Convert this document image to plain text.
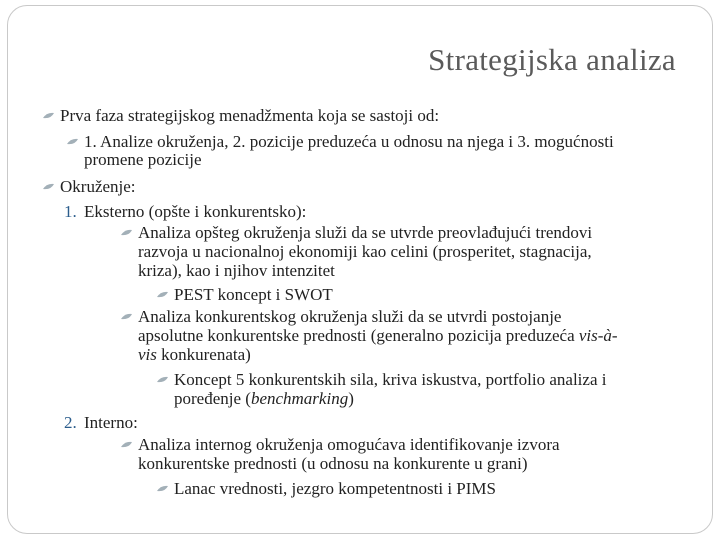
Strategijska analiza
Prva faza strategijskog menadžmenta koja se sastoji od:
1. Analize okruženja, 2. pozicije preduzeća u odnosu na njega i 3. mogućnosti
promene pozicije
Okruženje:
1. Eksterno (opšte i konkurentsko):
Analiza opšteg okruženja služi da se utvrde preovlađujući trendovi
razvoja u nacionalnoj ekonomiji kao celini (prosperitet, stagnacija,
kriza), kao i njihov intenzitet
PEST koncept i SWOT
Analiza konkurentskog okruženja služi da se utvrdi postojanje
apsolutne konkurentske prednosti (generalno pozicija preduzeća vis-à-
vis konkurenata)
Koncept 5 konkurentskih sila, kriva iskustva, portfolio analiza i
poređenje (benchmarking)
2. Interno:
Analiza internog okruženja omogućava identifikovanje izvora
konkurentske prednosti (u odnosu na konkurente u grani)
Lanac vrednosti, jezgro kompetentnosti i PIMS
